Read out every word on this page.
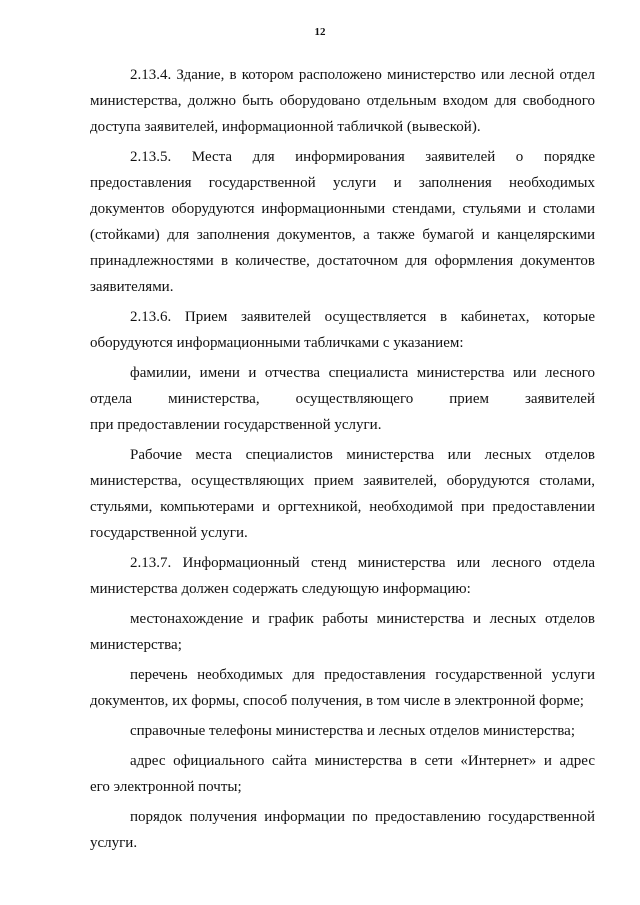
12
2.13.4. Здание, в котором расположено министерство или лесной отдел
министерства, должно быть оборудовано отдельным входом для свободного
доступа заявителей, информационной табличкой (вывеской).
2.13.5. Места для информирования заявителей о порядке
предоставления государственной услуги и заполнения необходимых
документов оборудуются информационными стендами, стульями и столами
(стойками) для заполнения документов, а также бумагой и канцелярскими
принадлежностями в количестве, достаточном для оформления документов
заявителями.
2.13.6. Прием заявителей осуществляется в кабинетах, которые
оборудуются информационными табличками с указанием:
фамилии, имени и отчества специалиста министерства или лесного
отдела министерства, осуществляющего прием заявителей
при предоставлении государственной услуги.
Рабочие места специалистов министерства или лесных отделов
министерства, осуществляющих прием заявителей, оборудуются столами,
стульями, компьютерами и оргтехникой, необходимой при предоставлении
государственной услуги.
2.13.7. Информационный стенд министерства или лесного отдела
министерства должен содержать следующую информацию:
местонахождение и график работы министерства и лесных отделов
министерства;
перечень необходимых для предоставления государственной услуги
документов, их формы, способ получения, в том числе в электронной форме;
справочные телефоны министерства и лесных отделов министерства;
адрес официального сайта министерства в сети «Интернет» и адрес
его электронной почты;
порядок получения информации по предоставлению государственной
услуги.
